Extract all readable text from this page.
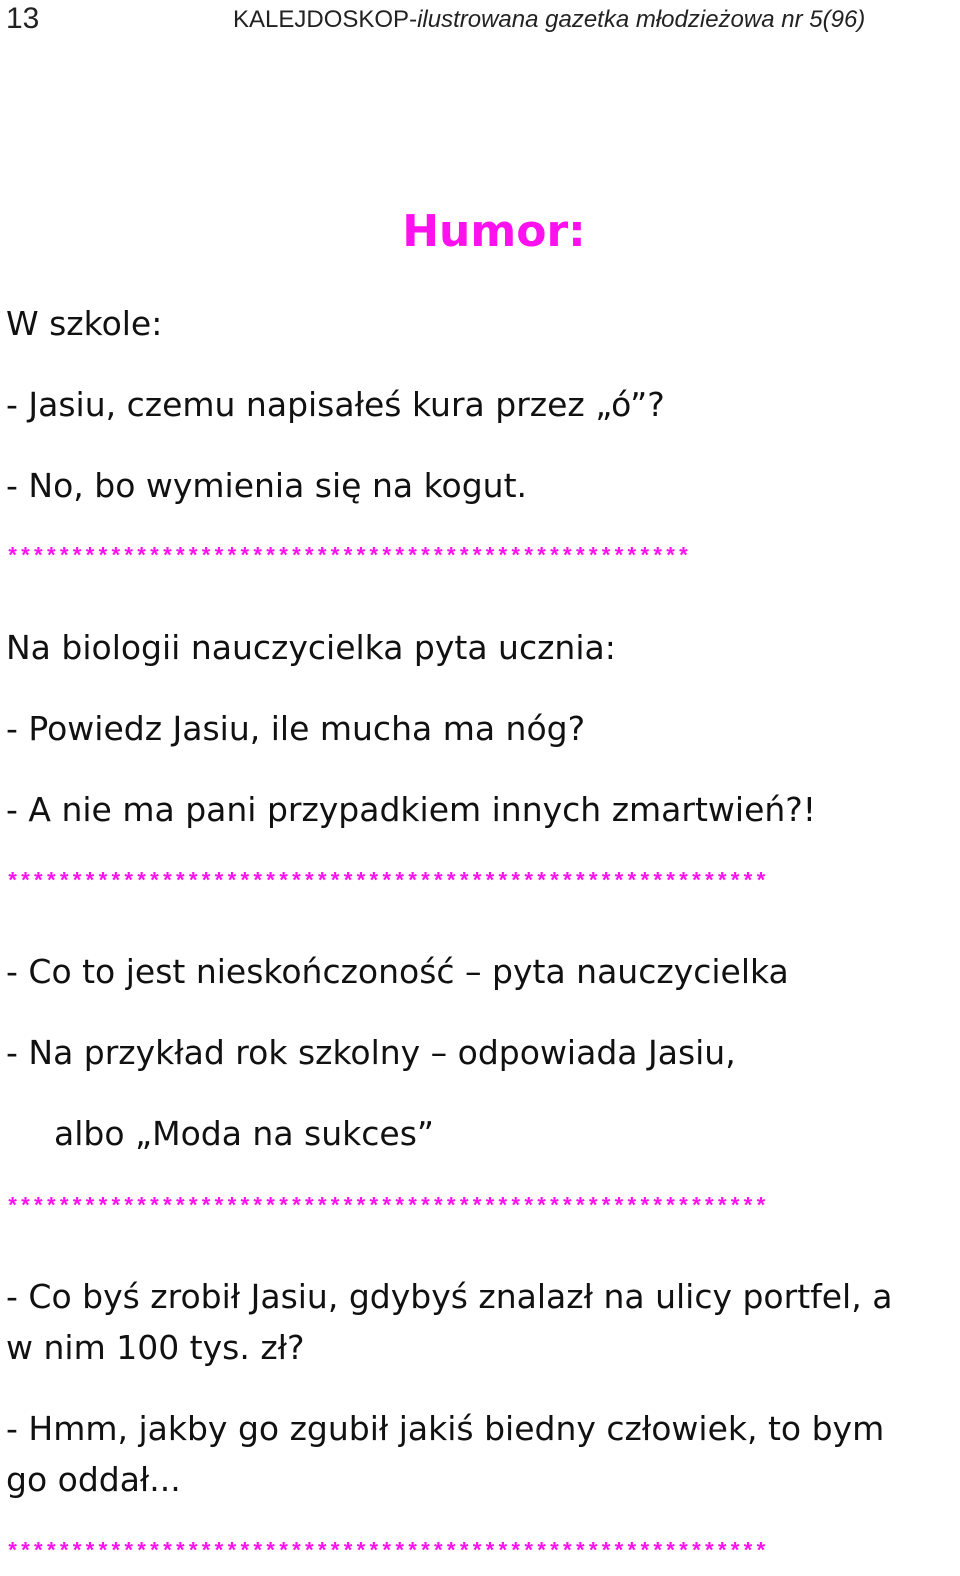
13	KALEJDOSKOP-ilustrowana gazetka młodzieżowa nr 5(96)
Humor:
W szkole:
- Jasiu, czemu napisałeś kura przez „ó”?
- No, bo wymienia się na kogut.
*****************************************************
Na biologii nauczycielka pyta ucznia:
- Powiedz Jasiu, ile mucha ma nóg?
- A nie ma pani przypadkiem innych zmartwień?!
***********************************************************
- Co to jest nieskończoność – pyta nauczycielka
- Na przykład rok szkolny – odpowiada Jasiu,
albo „Moda na sukces”
***********************************************************
- Co byś zrobił Jasiu, gdybyś znalazł na ulicy portfel, a
w nim 100 tys. zł?
- Hmm, jakby go zgubił jakiś biedny człowiek, to bym
go oddał...
***********************************************************
